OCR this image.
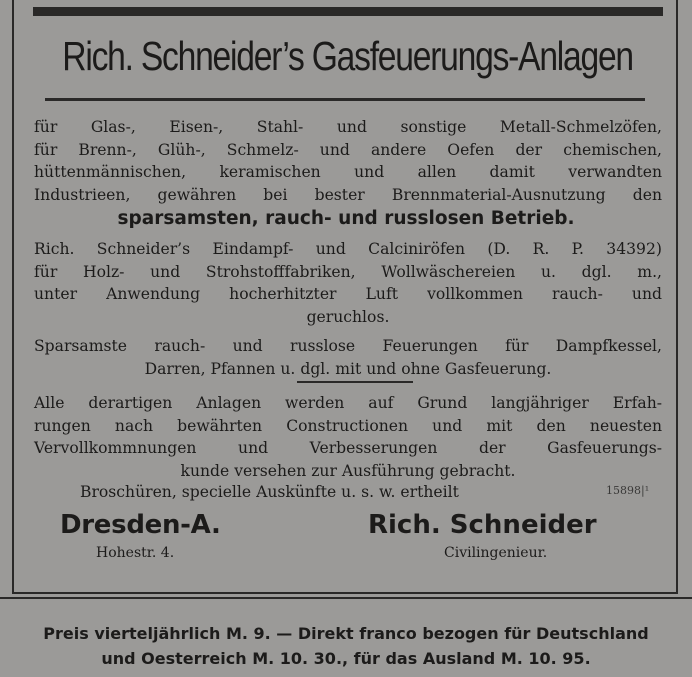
Rich. Schneider’s Gasfeuerungs-Anlagen
für Glas-, Eisen-, Stahl- und sonstige Metall-Schmelzöfen,
für Brenn-, Glüh-, Schmelz- und andere Oefen der chemischen,
hüttenmännischen, keramischen und allen damit verwandten
Industrieen, gewähren bei bester Brennmaterial-Ausnutzung den
sparsamsten, rauch- und russlosen Betrieb.
Rich. Schneider’s Eindampf- und Calciniröfen (D. R. P. 34392)
für Holz- und Strohstofffabriken, Wollwäschereien u. dgl. m.,
unter Anwendung hocherhitzter Luft vollkommen rauch- und
geruchlos.
Sparsamste rauch- und russlose Feuerungen für Dampfkessel,
Darren, Pfannen u. dgl. mit und ohne Gasfeuerung.
Alle derartigen Anlagen werden auf Grund langjähriger Erfah-
rungen nach bewährten Constructionen und mit den neuesten
Vervollkommnungen und Verbesserungen der Gasfeuerungs-
kunde versehen zur Ausführung gebracht.
Broschüren, specielle Auskünfte u. s. w. ertheilt	15898|¹
Dresden-A.
Hohestr. 4.
Rich. Schneider
Civilingenieur.
Preis vierteljährlich M. 9. — Direkt franco bezogen für Deutschland
und Oesterreich M. 10. 30., für das Ausland M. 10. 95.
